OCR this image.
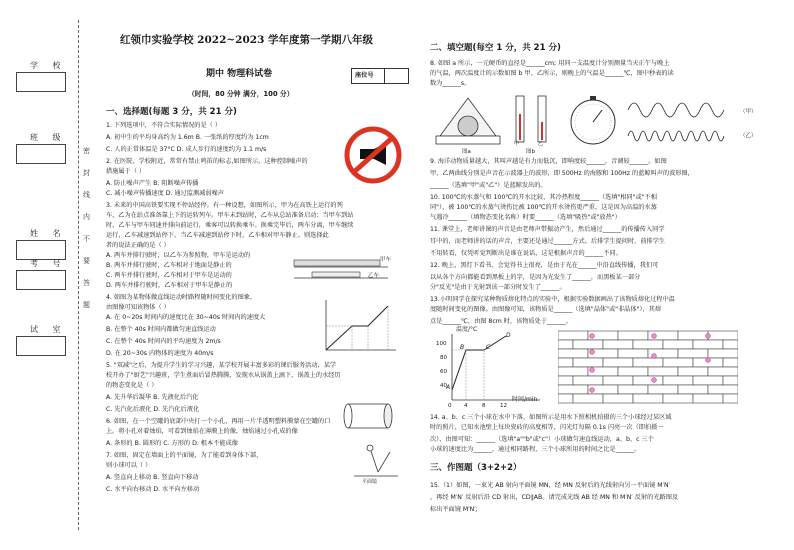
学 校
班 级
姓 名
考 号
试 室
密封线内不要答题
红领巾实验学校 2022~2023 学年度第一学期八年级
期中 物理科试卷	座位号
（时间，80 分钟 满分，100 分）
一、选择题(每题 3 分，共 21 分)
1. 下列选项中，不符合实际情况的是（ ）
A. 初中生的平均身高约为 1.6m B. 一张纸的厚度约为 1cm
C. 人的正常体温是 37°C D. 成人步行的速度约为 1.1 m/s
2. 在医院、学校附近，常常有禁止鸣笛的标志,如图所示，这种控制噪声的
措施属于（ ）
A. 防止噪声产生 B. 阻断噪声传播
C. 减小噪声传播速度 D. 通过监测减弱噪声
3. 未来的中国高铁要实现不停站经停。有一种设想，如图所示，甲为在高铁上运行的列
车，乙为在站点准备靠上下的运转列车。甲车未到站时，乙车从总站准备启动；当甲车到站
时，乙车与甲车同速并排向前运行，乘客可以转换乘车。换乘完毕后，两车分离，甲车继续
运行，乙车减速到站停下。当乙车减速到站停下时，乙车相对甲车静止。则选择此
者的说法正确的是（ ）
A. 两车并排行驶时，以乙车为参照物，甲车是运动的
B. 两车并排行驶时，乙车相对于地面是静止的
C. 两车并排行驶时，乙车相对于甲车是运动的
D. 两车并排行驶时，乙车相对于甲车是静止的
甲车
乙车
4. 如图为某物体做直线运动时路程随时间变化的图象，
由图像可知该物体（ ）
A. 在 0~20s 时间内的速度比在 30~40s 时间内的速度大
B. 在整个 40s 时间内都做匀速直线运动
C. 在整个 40s 时间内的平均速度为 2m/s
D. 在 20~30s 内物体的速度为 40m/s
5. "双减"之后，为提升学生的学习兴趣，某学校开展丰富多彩的课后服务活动，某学
校开办了"厨艺"兴趣班，学生煮面后冒热腾腾，发现水从锅盖上滴下，锅盖上的水经历
的物态变化是（ ）
A. 先升华后凝华 B. 先液化后汽化
C. 先汽化后液化 D. 先汽化后液化
6. 如图，在一个空罐的底部中央打一个小孔，再用一片半透明塑料膜蒙在空罐的口
上。将小孔对着烛焰，可看到烛焰在薄膜上的像，烛焰通过小孔成的像
A. 条形的 B. 圆形的 C. 方形的 D. 根本不能成像
7. 如图，固定在墙面上的平面镜，为了能看到身体下部，
则小球可以（ ）
A. 竖直向上移动 B. 竖直向下移动
C. 水平向右移动 D. 水平向左移动
平面镜
二、填空题(每空 1 分，共 21 分)
8. 如图 a 所示，一元硬币的直径是______cm; 用同一支温度计分别测量当天正午与晚上
的气温，两次温度计的示数如图 b 甲、乙所示，则晚上的气温是______℃，图中秒表的读
数为______s。
图a	图b
甲	乙
（甲）
（乙）
9. 海洋动物质量越大，其叫声越是有力而低沉，即响度较______，音调较______。如图
甲、乙两曲线分别是声音在示波器上的波形，即 500Hz 的海豚和 100Hz 的蓝鲸叫声的波形图，
______（选填"甲"或"乙"）是蓝鲸发出的。
10. 100℃的水蒸气和 100℃的开水比较，其冷热程度______（选填"相同"或"不相
同"），被 100℃的水蒸气烫伤比被 100℃的开水烫伤更严重，这是因为高温的水蒸
气遇冷______（填物态变化名称）时要______（选填"吸热"或"放热"）
11. 课堂上，老师讲课的声音是由老师声带振动产生，然后通过______的传播传入同学
耳中的，而老师讲的话的声音，主要还是通过______方式。后排学生提问时，前排学生
不用转看，仅凭听觉判断出是谁在说话，这是根据声音的______不同。
12. 晚上，黑灯下看书，会觉得书上很亮，是由于光在______中沿直线传播，我们可
以从各个方向都能看到黑板上的字，是因为光发生了______，而黑板某一部分
分"反光"是由于光射到该一部分时发生了______。
13.小明同学在探究某种物质熔化特点的实验中，根据实验数据画出了该物质熔化过程中温
度随时间变化的图像。由图像可知，该物质是______（选填"晶体"或"非晶体"），其熔
点是______℃，由图 8cm 时，该物质处于______。
温度/°C
时间/min
100
80
60
40
0 4	8	12
A
B	C
D
14. a、b、c 三个小球在水中下落，如图所示是用水下照相机拍摄的三个小球经过某区域
时的照片，已知水池壁上每块瓷砖的高度相等，闪光灯每隔 0.1s 闪亮一次（即拍摄一
次），由图可知：______（选填"a""b"或"c"）小球做匀速直线运动，a、b、c 三个
小球的速度比为______，通过相同路程，三个小球所用的时间之比是______。
三、作图题（3+2+2）
15.（1）如图，一束光 AB 射向平面镜 MN，经 MN 反射后的光线射向另一平面镜 M′N′
，再经 M′N′ 反射后沿 CD 射出，CD∥AB。请完成光线 AB 经 MN 和 M′N′ 反射的光路图及
标出平面镜 M′N′;
